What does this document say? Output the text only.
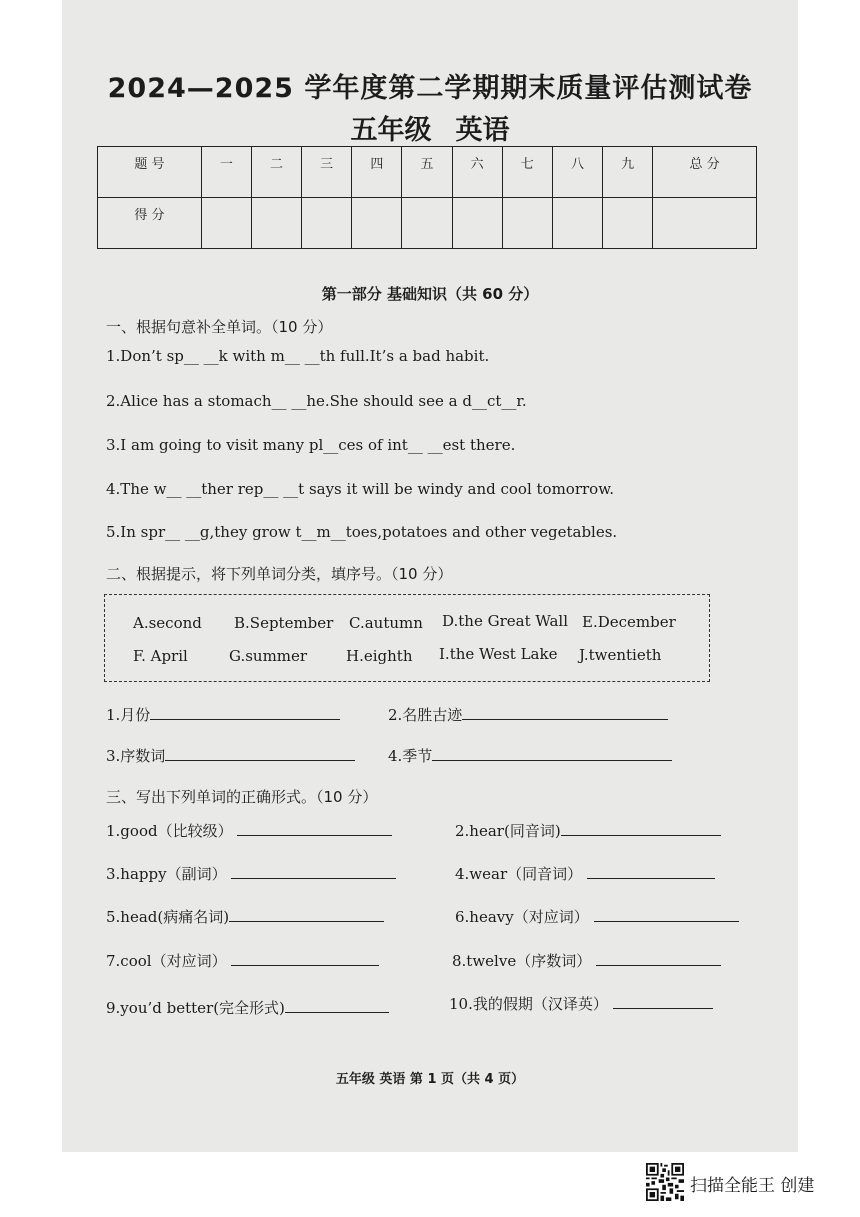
2024—2025 学年度第二学期期末质量评估测试卷
五年级 英语
题 号	一	二	三	四	五	六	七	八	九	总 分
得 分										
第一部分 基础知识（共 60 分）
一、根据句意补全单词。（10 分）
1.Don’t sp__ __k with m__ __th full.It’s a bad habit.
2.Alice has a stomach__ __he.She should see a d__ct__r.
3.I am going to visit many pl__ces of int__ __est there.
4.The w__ __ther rep__ __t says it will be windy and cool tomorrow.
5.In spr__ __g,they grow t__m__toes,potatoes and other vegetables.
二、根据提示，将下列单词分类，填序号。（10 分）
A.second B.September C.autumn D.the Great Wall E.December
F. April	G.summer	H.eighth I.the West Lake J.twentieth
1.月份	2.名胜古迹
3.序数词	4.季节
三、写出下列单词的正确形式。（10 分）
1.good（比较级）	2.hear(同音词)
3.happy（副词）	4.wear（同音词）
5.head(病痛名词)	6.heavy（对应词）
7.cool（对应词）	8.twelve（序数词）
9.you’d better(完全形式)	10.我的假期（汉译英）
五年级 英语 第 1 页（共 4 页）
扫描全能王 创建
